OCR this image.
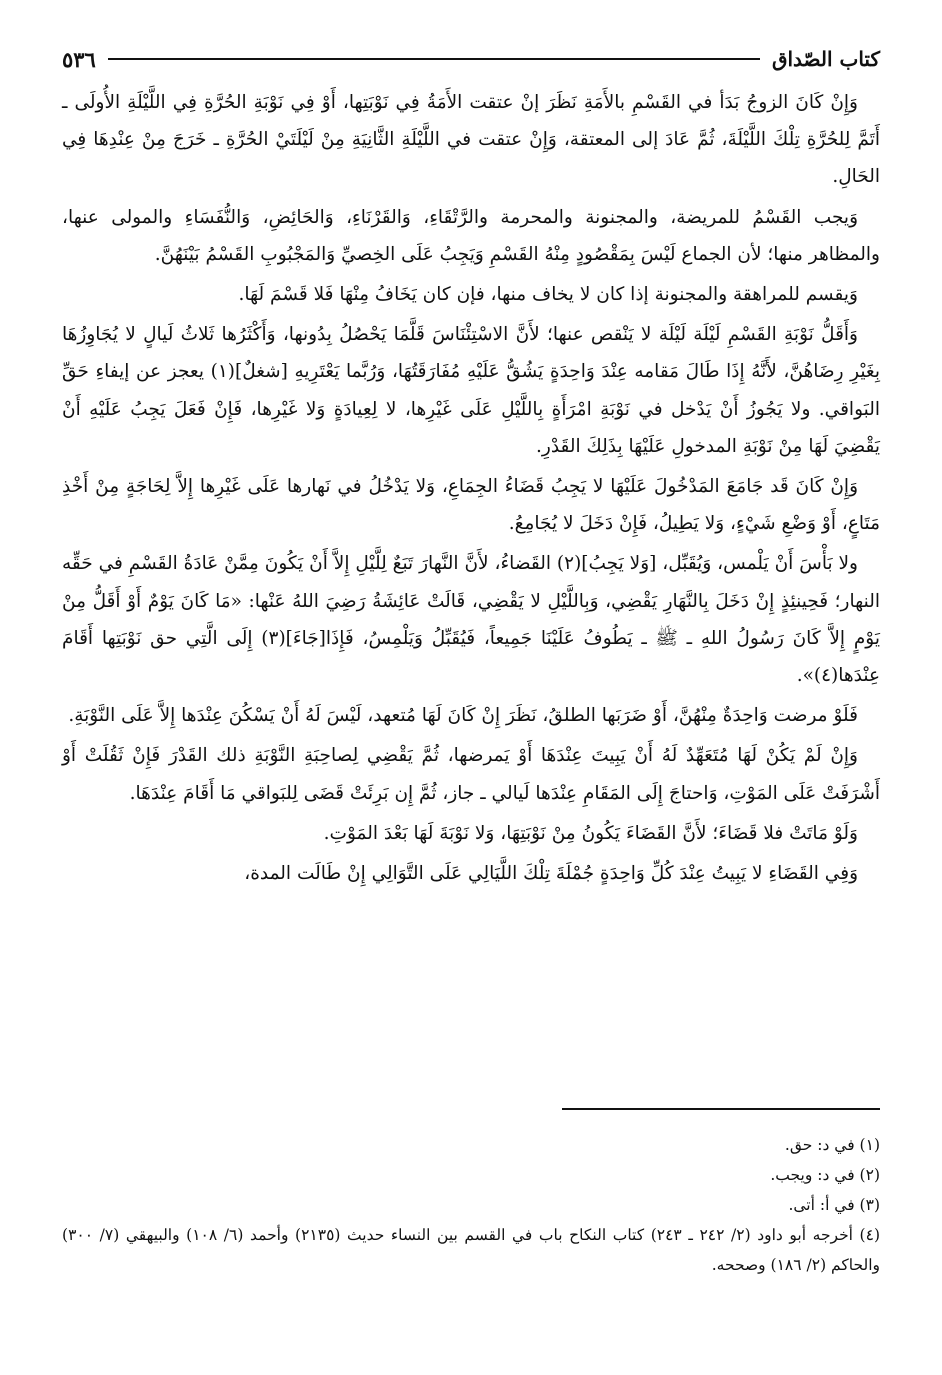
كتاب الصّداق
٥٣٦

وَإِنْ كَانَ الزوجُ بَدَأ في القَسْمِ بالأَمَةِ نَظَرَ إنْ عتقت الأَمَةُ فِي نَوْبَتِها، أَوْ فِي نَوْبَةِ الحُرَّةِ فِي اللَّيْلَةِ الأُولَى ـ أَتَمَّ لِلحُرَّةِ تِلْكَ اللَّيْلَةَ، ثُمَّ عَادَ إلى المعتقة، وَإِنْ عتقت في اللَّيْلَةِ الثَّانِيَةِ مِنْ لَيْلَتَيْ الحُرَّةِ ـ خَرَجَ مِنْ عِنْدِهَا فِي الحَالِ.

وَيجب القَسْمُ للمريضة، والمجنونة والمحرمة والرَّتْقَاءِ، وَالقَرْنَاءِ، وَالحَائِضِ، وَالنُّفَسَاءِ والمولى عنها، والمظاهر منها؛ لأن الجماع لَيْسَ بِمَقْصُودٍ مِنْهُ القَسْمِ وَيَجِبُ عَلَى الخِصيِّ وَالمَجْبُوبِ القَسْمُ بَيْنَهُنَّ.

وَيقسم للمراهقة والمجنونة إذا كان لا يخاف منها، فإن كان يَخَافُ مِنْهَا فَلا قَسْمَ لَهَا.

وَأَقَلُّ نَوْبَةِ القَسْمِ لَيْلَة لَيْلَة لا يَنْقص عنها؛ لأَنَّ الاسْتِئْنَاسَ قَلَّمَا يَحْصُلُ بِدُونها، وَأَكْثَرُها ثَلاثُ لَيالٍ لا يُجَاوِزُهَا بِغَيْرِ رِضَاهُنَّ، لأَنَّهُ إِذَا طَالَ مَقامه عِنْدَ وَاحِدَةٍ يَشُقُّ عَلَيْهِ مُفَارَقَتُهَا، وَرُبَّما يَعْتَرِيهِ [شغلٌ](١) يعجز عن إيفاءِ حَقِّ البَواقي. ولا يَجُوزُ أَنْ يَدْخل في نَوْبَةِ امْرَأَةٍ بِاللَّيْلِ عَلَى غَيْرِها، لا لِعِيادَةٍ وَلا غَيْرِها، فَإِنْ فَعَلَ يَجِبُ عَلَيْهِ أَنْ يَقْضِيَ لَهَا مِنْ نَوْبَةِ المدخولِ عَلَيْهَا بِذَلِكَ القَدْرِ.

وَإِنْ كَانَ قَد جَامَعَ المَدْخُولَ عَلَيْهَا لا يَجِبُ قَضَاءُ الجِمَاعِ، وَلا يَدْخُلُ في نَهارها عَلَى غَيْرِها إِلاَّ لِحَاجَةٍ مِنْ أَخْذِ مَتَاعٍ، أَوْ وَضْعِ شَيْءٍ، وَلا يَطِيلُ، فَإِنْ دَخَلَ لا يُجَامِعُ.

ولا بَأْسَ أَنْ يَلْمس، وَيُقَبِّل، [وَلا يَجِبُ](٢) القَضاءُ، لأَنَّ النَّهارَ تَبَعٌ لِلَّيْلِ إِلاَّ أَنْ يَكُونَ مِمَّنْ عَادَةُ القَسْمِ في حَقِّه النهار؛ فَحِينئِذٍ إِنْ دَخَلَ بِالنَّهَارِ يَقْضِي، وَبِاللَّيْلِ لا يَقْضِي، قَالَتْ عَائِشَةُ رَضِيَ اللهُ عَنْها: «مَا كَانَ يَوْمٌ أَوْ أَقَلُّ مِنْ يَوْمٍ إِلاَّ كَانَ رَسُولُ اللهِ ـ ﷺ ـ يَطُوفُ عَلَيْنَا جَمِيعاً، فَيُقَبِّلُ وَيَلْمِسُ، فَإِذَا[جَاءَ](٣) إِلَى الَّتِي حق نَوْبَتِها أَقَامَ عِنْدَها(٤)».

فَلَوْ مرضت وَاحِدَةٌ مِنْهُنَّ، أَوْ ضَرَبَها الطلقُ، نَظَرَ إِنْ كَانَ لَهَا مُتعهد، لَيْسَ لَهُ أَنْ يَسْكُنَ عِنْدَها إِلاَّ عَلَى النَّوْبَةِ.

وَإِنْ لَمْ يَكُنْ لَهَا مُتَعَهِّدٌ لَهُ أَنْ يَبِيتَ عِنْدَهَا أَوْ يَمرضها، ثُمَّ يَقْضِي لِصاحِبَةِ النَّوْبَةِ ذلك القَدْرَ فَإِنْ ثَقُلَتْ أَوْ أَشْرَفَتْ عَلَى المَوْتِ، وَاحتاجَ إِلَى المَقَامِ عِنْدَها لَيالي ـ جاز، ثُمَّ إِن بَرِئَتْ قَضَى لِلبَواقي مَا أَقَامَ عِنْدَهَا.

وَلَوْ مَاتَتْ فلا قَضَاءَ؛ لأَنَّ القَضَاءَ يَكُونُ مِنْ نَوْبَتِهَا، وَلا نَوْبَةَ لَهَا بَعْدَ المَوْتِ.

وَفِي القَضَاءِ لا يَبِيتُ عِنْدَ كُلِّ وَاحِدَةٍ جُمْلَةَ تِلْكَ اللَّيَالِي عَلَى التَّوَالِي إِنْ طَالَت المدة،

(١) في د: حق.

(٢) في د: ويجب.

(٣) في أ: أتى.

(٤) أخرجه أبو داود (٢/ ٢٤٢ ـ ٢٤٣) كتاب النكاح باب في القسم بين النساء حديث (٢١٣٥) وأحمد (٦/ ١٠٨) والبيهقي (٧/ ٣٠٠) والحاكم (٢/ ١٨٦) وصححه.
